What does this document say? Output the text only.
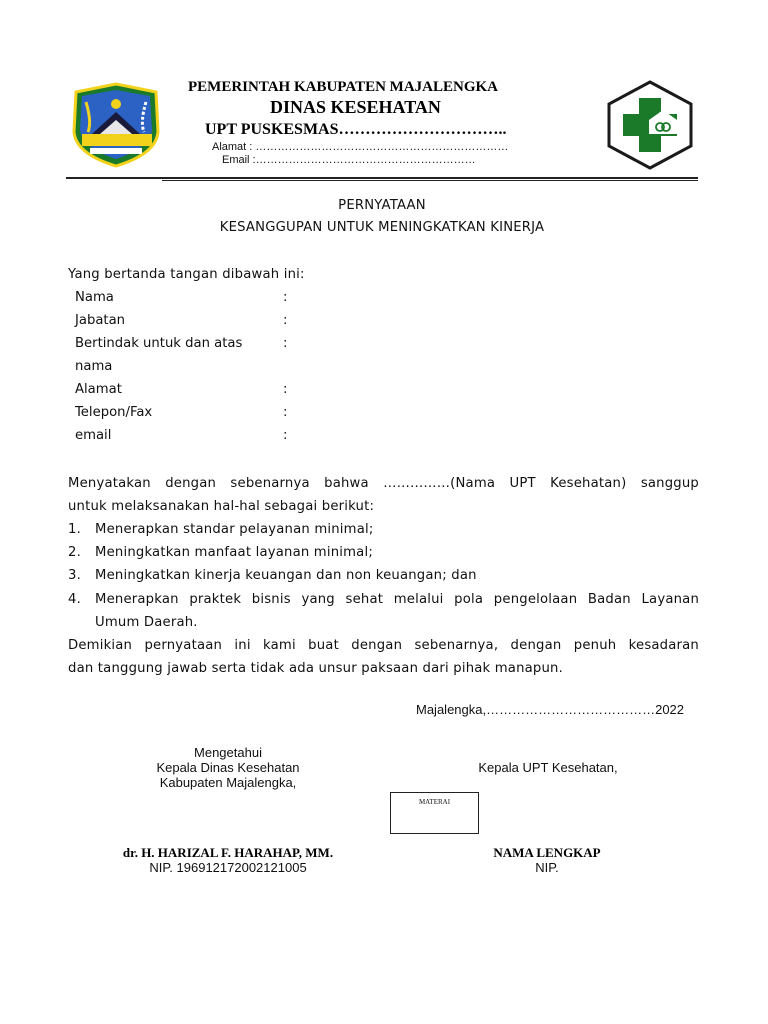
PEMERINTAH KABUPATEN MAJALENGKA
DINAS KESEHATAN
UPT PUSKESMAS…………………………..
Alamat : ……………………………………………………………
Email :……………………………………………………
PERNYATAAN
KESANGGUPAN UNTUK MENINGKATKAN KINERJA
Yang bertanda tangan dibawah ini:
Nama	:
Jabatan	:
Bertindak untuk dan atas	:
nama
Alamat	:
Telepon/Fax	:
email	:
Menyatakan dengan sebenarnya bahwa ……………(Nama UPT Kesehatan) sanggup
untuk melaksanakan hal-hal sebagai berikut:
1. Menerapkan standar pelayanan minimal;
2. Meningkatkan manfaat layanan minimal;
3. Meningkatkan kinerja keuangan dan non keuangan; dan
4. Menerapkan praktek bisnis yang sehat melalui pola pengelolaan Badan Layanan
Umum Daerah.
Demikian pernyataan ini kami buat dengan sebenarnya, dengan penuh kesadaran
dan tanggung jawab serta tidak ada unsur paksaan dari pihak manapun.
Majalengka,…………………………………2022
Mengetahui
Kepala Dinas Kesehatan
Kabupaten Majalengka,
Kepala UPT Kesehatan,
MATERAI
dr. H. HARIZAL F. HARAHAP, MM.
NIP. 196912172002121005
NAMA LENGKAP
NIP.
